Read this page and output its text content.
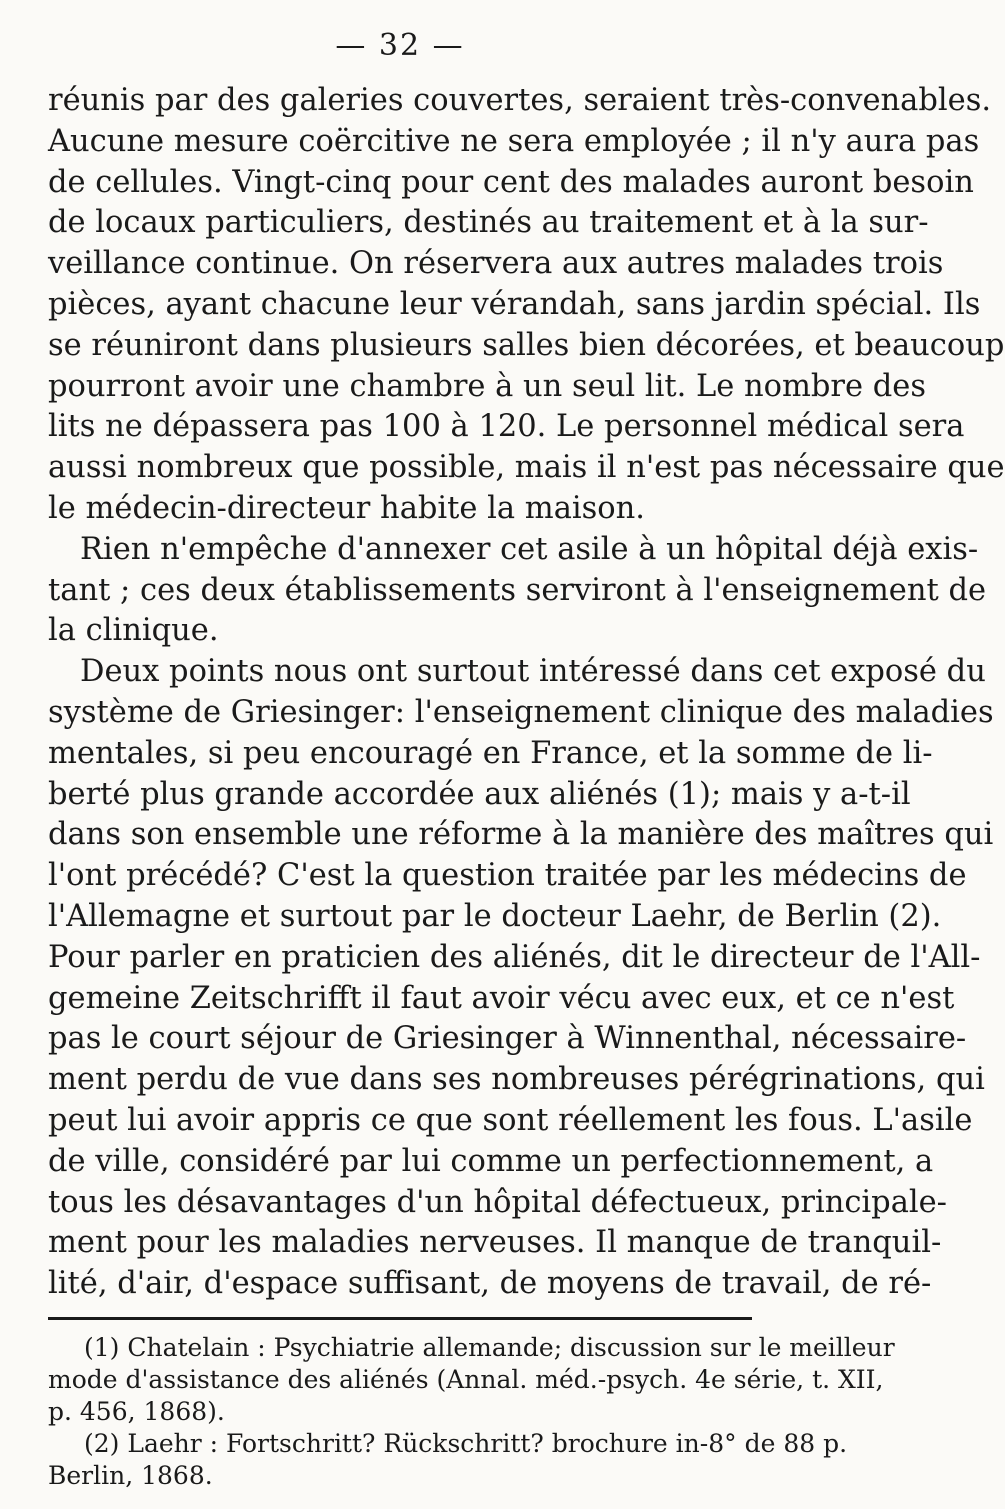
— 32 —
réunis par des galeries couvertes, seraient très-convenables.
Aucune mesure coërcitive ne sera employée ; il n'y aura pas
de cellules. Vingt-cinq pour cent des malades auront besoin
de locaux particuliers, destinés au traitement et à la sur-
veillance continue. On réservera aux autres malades trois
pièces, ayant chacune leur vérandah, sans jardin spécial. Ils
se réuniront dans plusieurs salles bien décorées, et beaucoup
pourront avoir une chambre à un seul lit. Le nombre des
lits ne dépassera pas 100 à 120. Le personnel médical sera
aussi nombreux que possible, mais il n'est pas nécessaire que
le médecin-directeur habite la maison.
Rien n'empêche d'annexer cet asile à un hôpital déjà exis-
tant ; ces deux établissements serviront à l'enseignement de
la clinique.
Deux points nous ont surtout intéressé dans cet exposé du
système de Griesinger: l'enseignement clinique des maladies
mentales, si peu encouragé en France, et la somme de li-
berté plus grande accordée aux aliénés (1); mais y a-t-il
dans son ensemble une réforme à la manière des maîtres qui
l'ont précédé? C'est la question traitée par les médecins de
l'Allemagne et surtout par le docteur Laehr, de Berlin (2).
Pour parler en praticien des aliénés, dit le directeur de l'All-
gemeine Zeitschrifft il faut avoir vécu avec eux, et ce n'est
pas le court séjour de Griesinger à Winnenthal, nécessaire-
ment perdu de vue dans ses nombreuses pérégrinations, qui
peut lui avoir appris ce que sont réellement les fous. L'asile
de ville, considéré par lui comme un perfectionnement, a
tous les désavantages d'un hôpital défectueux, principale-
ment pour les maladies nerveuses. Il manque de tranquil-
lité, d'air, d'espace suffisant, de moyens de travail, de ré-
(1) Chatelain : Psychiatrie allemande; discussion sur le meilleur
mode d'assistance des aliénés (Annal. méd.-psych. 4e série, t. XII,
p. 456, 1868).
(2) Laehr : Fortschritt? Rückschritt? brochure in-8° de 88 p.
Berlin, 1868.
